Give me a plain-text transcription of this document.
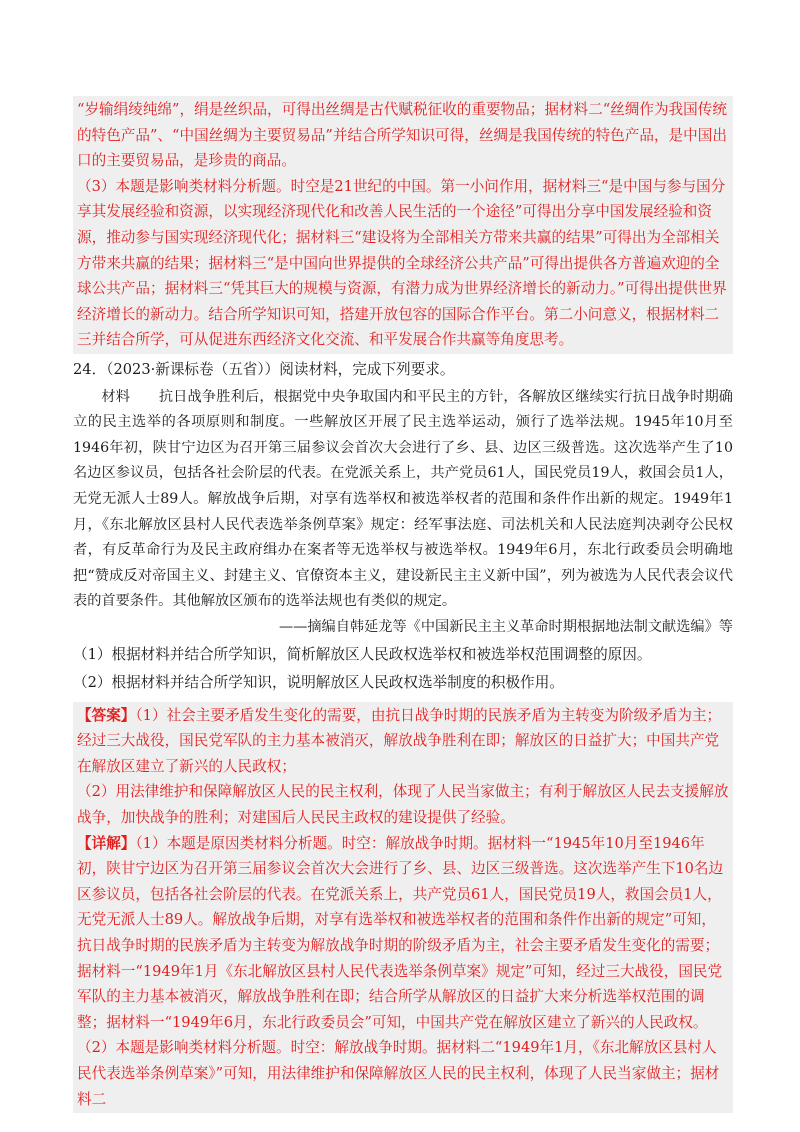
“岁输绢绫纯绵”，绢是丝织品，可得出丝绸是古代赋税征收的重要物品；据材料二“丝绸作为我国传统的特色产品”、“中国丝绸为主要贸易品”并结合所学知识可得，丝绸是我国传统的特色产品，是中国出口的主要贸易品，是珍贵的商品。

（3）本题是影响类材料分析题。时空是21世纪的中国。第一小问作用，据材料三“是中国与参与国分享其发展经验和资源，以实现经济现代化和改善人民生活的一个途径”可得出分享中国发展经验和资源，推动参与国实现经济现代化；据材料三“建设将为全部相关方带来共赢的结果”可得出为全部相关方带来共赢的结果；据材料三“是中国向世界提供的全球经济公共产品”可得出提供各方普遍欢迎的全球公共产品；据材料三“凭其巨大的规模与资源，有潜力成为世界经济增长的新动力。”可得出提供世界经济增长的新动力。结合所学知识可知，搭建开放包容的国际合作平台。第二小问意义，根据材料二三并结合所学，可从促进东西经济文化交流、和平发展合作共赢等角度思考。

24．（2023·新课标卷（五省））阅读材料，完成下列要求。

材料　　抗日战争胜利后，根据党中央争取国内和平民主的方针，各解放区继续实行抗日战争时期确立的民主选举的各项原则和制度。一些解放区开展了民主选举运动，颁行了选举法规。1945年10月至1946年初，陕甘宁边区为召开第三届参议会首次大会进行了乡、县、边区三级普选。这次选举产生了10名边区参议员，包括各社会阶层的代表。在党派关系上，共产党员61人，国民党员19人，救国会员1人，无党无派人士89人。解放战争后期，对享有选举权和被选举权者的范围和条件作出新的规定。1949年1月，《东北解放区县村人民代表选举条例草案》规定：经军事法庭、司法机关和人民法庭判决剥夺公民权者，有反革命行为及民主政府缉办在案者等无选举权与被选举权。1949年6月，东北行政委员会明确地把“赞成反对帝国主义、封建主义、官僚资本主义，建设新民主主义新中国”，列为被选为人民代表会议代表的首要条件。其他解放区颁布的选举法规也有类似的规定。

——摘编自韩延龙等《中国新民主主义革命时期根据地法制文献选编》等

（1）根据材料并结合所学知识，简析解放区人民政权选举权和被选举权范围调整的原因。

（2）根据材料并结合所学知识，说明解放区人民政权选举制度的积极作用。

【答案】（1）社会主要矛盾发生变化的需要，由抗日战争时期的民族矛盾为主转变为阶级矛盾为主；经过三大战役，国民党军队的主力基本被消灭，解放战争胜利在即；解放区的日益扩大；中国共产党在解放区建立了新兴的人民政权；

（2）用法律维护和保障解放区人民的民主权利，体现了人民当家做主；有利于解放区人民去支援解放战争，加快战争的胜利；对建国后人民民主政权的建设提供了经验。

【详解】（1）本题是原因类材料分析题。时空：解放战争时期。据材料一“1945年10月至1946年初，陕甘宁边区为召开第三届参议会首次大会进行了乡、县、边区三级普选。这次选举产生下10名边区参议员，包括各社会阶层的代表。在党派关系上，共产党员61人，国民党员19人，救国会员1人，无党无派人士89人。解放战争后期，对享有选举权和被选举权者的范围和条件作出新的规定”可知，抗日战争时期的民族矛盾为主转变为解放战争时期的阶级矛盾为主，社会主要矛盾发生变化的需要；据材料一“1949年1月《东北解放区县村人民代表选举条例草案》规定”可知，经过三大战役，国民党军队的主力基本被消灭，解放战争胜利在即；结合所学从解放区的日益扩大来分析选举权范围的调整；据材料一“1949年6月，东北行政委员会”可知，中国共产党在解放区建立了新兴的人民政权。

（2）本题是影响类材料分析题。时空：解放战争时期。据材料二“1949年1月，《东北解放区县村人民代表选举条例草案》”可知，用法律维护和保障解放区人民的民主权利，体现了人民当家做主；据材料二
